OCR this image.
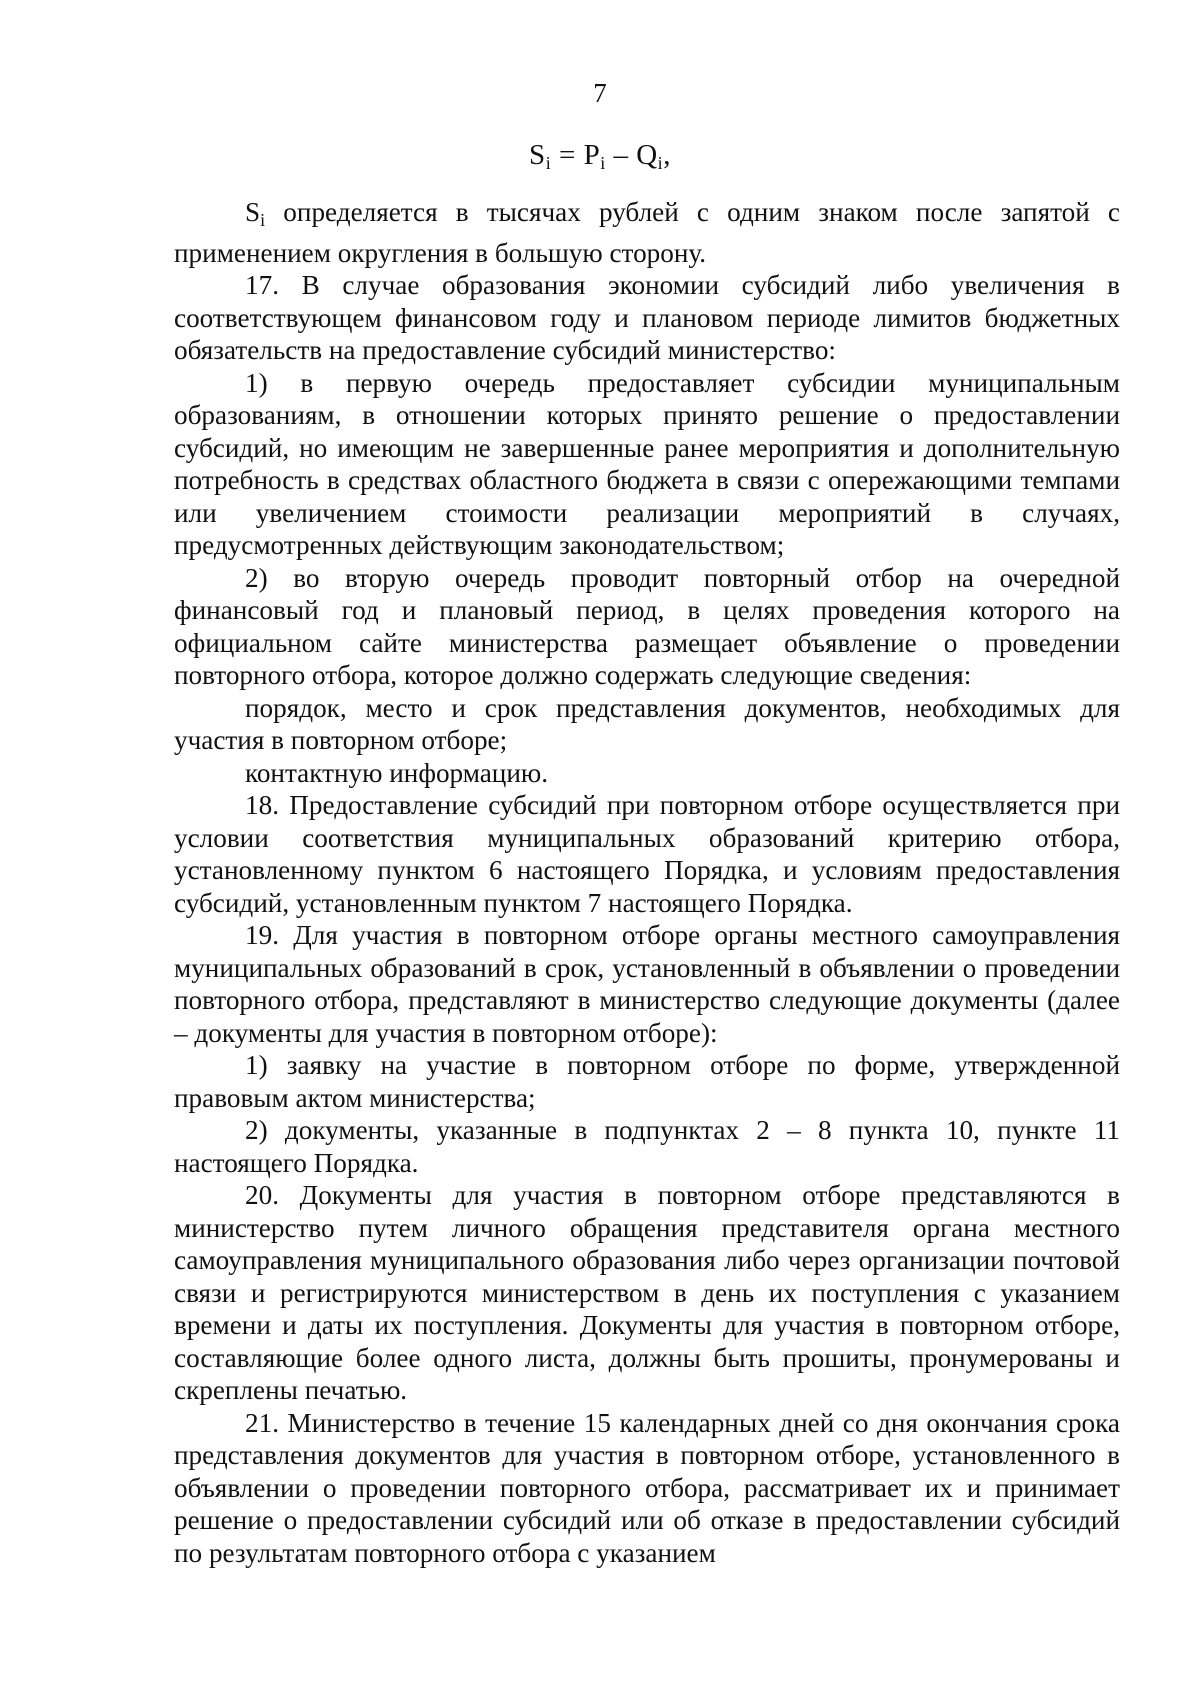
7
$S_i = P_i - Q_i$,

$S_i$ определяется в тысячах рублей с одним знаком после запятой с применением округления в большую сторону.

17. В случае образования экономии субсидий либо увеличения в соответствующем финансовом году и плановом периоде лимитов бюджетных обязательств на предоставление субсидий министерство:

1) в первую очередь предоставляет субсидии муниципальным образованиям, в отношении которых принято решение о предоставлении субсидий, но имеющим не завершенные ранее мероприятия и дополнительную потребность в средствах областного бюджета в связи с опережающими темпами или увеличением стоимости реализации мероприятий в случаях, предусмотренных действующим законодательством;

2) во вторую очередь проводит повторный отбор на очередной финансовый год и плановый период, в целях проведения которого на официальном сайте министерства размещает объявление о проведении повторного отбора, которое должно содержать следующие сведения:

порядок, место и срок представления документов, необходимых для участия в повторном отборе;

контактную информацию.

18. Предоставление субсидий при повторном отборе осуществляется при условии соответствия муниципальных образований критерию отбора, установленному пунктом 6 настоящего Порядка, и условиям предоставления субсидий, установленным пунктом 7 настоящего Порядка.

19. Для участия в повторном отборе органы местного самоуправления муниципальных образований в срок, установленный в объявлении о проведении повторного отбора, представляют в министерство следующие документы (далее – документы для участия в повторном отборе):

1) заявку на участие в повторном отборе по форме, утвержденной правовым актом министерства;

2) документы, указанные в подпунктах 2 – 8 пункта 10, пункте 11 настоящего Порядка.

20. Документы для участия в повторном отборе представляются в министерство путем личного обращения представителя органа местного самоуправления муниципального образования либо через организации почтовой связи и регистрируются министерством в день их поступления с указанием времени и даты их поступления. Документы для участия в повторном отборе, составляющие более одного листа, должны быть прошиты, пронумерованы и скреплены печатью.

21. Министерство в течение 15 календарных дней со дня окончания срока представления документов для участия в повторном отборе, установленного в объявлении о проведении повторного отбора, рассматривает их и принимает решение о предоставлении субсидий или об отказе в предоставлении субсидий по результатам повторного отбора с указанием
